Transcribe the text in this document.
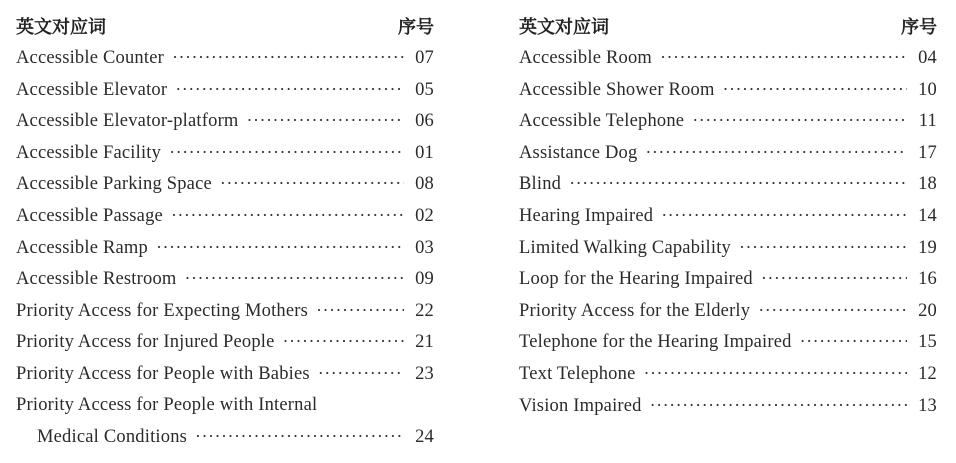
英文对应词	序号
Accessible Counter ·····	07
Accessible Elevator ·····	05
Accessible Elevator-platform ·····	06
Accessible Facility ·····	01
Accessible Parking Space ·····	08
Accessible Passage ·····	02
Accessible Ramp ·····	03
Accessible Restroom ·····	09
Priority Access for Expecting Mothers ·····	22
Priority Access for Injured People ·····	21
Priority Access for People with Babies ·····	23
Priority Access for People with Internal
Medical Conditions ·····	24
英文对应词	序号
Accessible Room ·····	04
Accessible Shower Room ·····	10
Accessible Telephone ·····	11
Assistance Dog ·····	17
Blind ·····	18
Hearing Impaired ·····	14
Limited Walking Capability ·····	19
Loop for the Hearing Impaired ·····	16
Priority Access for the Elderly ·····	20
Telephone for the Hearing Impaired ·····	15
Text Telephone ·····	12
Vision Impaired ·····	13
